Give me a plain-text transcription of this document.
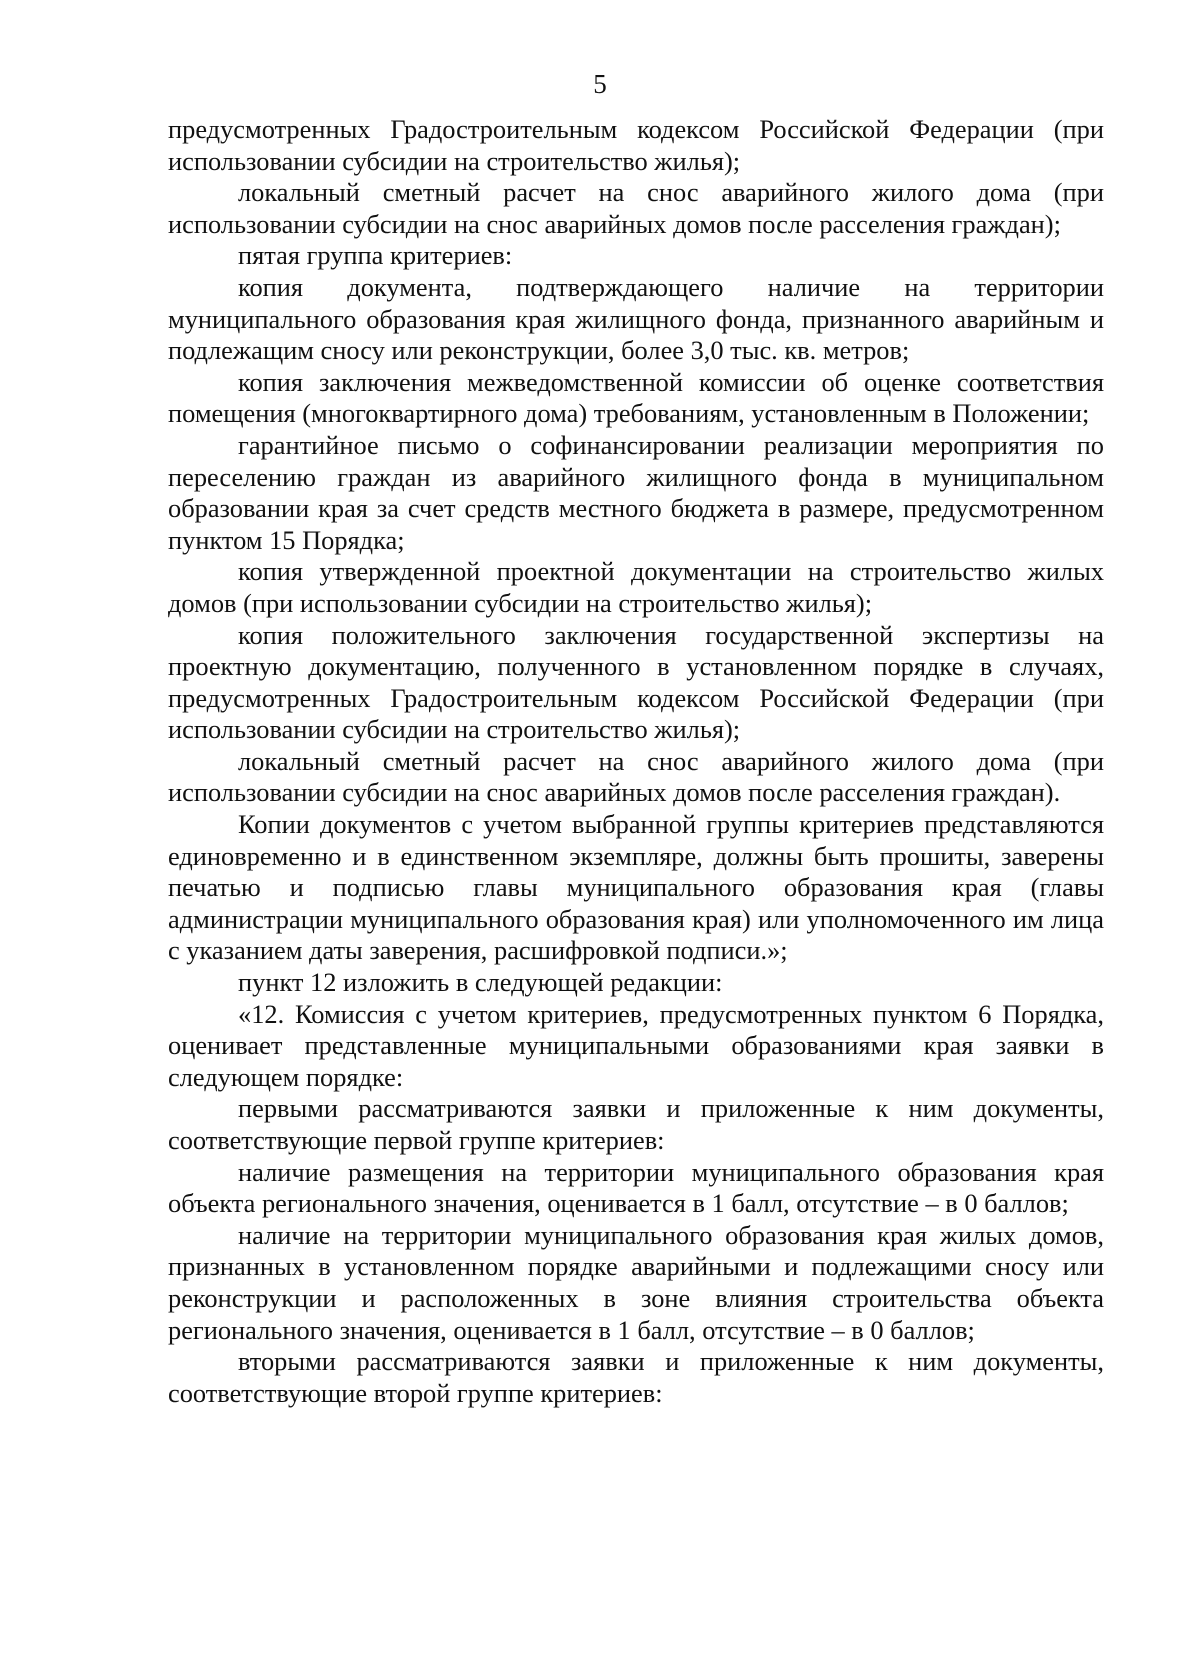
5

предусмотренных Градостроительным кодексом Российской Федерации (при использовании субсидии на строительство жилья);

локальный сметный расчет на снос аварийного жилого дома (при использовании субсидии на снос аварийных домов после расселения граждан);

пятая группа критериев:

копия документа, подтверждающего наличие на территории муниципального образования края жилищного фонда, признанного аварийным и подлежащим сносу или реконструкции, более 3,0 тыс. кв. метров;

копия заключения межведомственной комиссии об оценке соответствия помещения (многоквартирного дома) требованиям, установленным в Положении;

гарантийное письмо о софинансировании реализации мероприятия по переселению граждан из аварийного жилищного фонда в муниципальном образовании края за счет средств местного бюджета в размере, предусмотренном пунктом 15 Порядка;

копия утвержденной проектной документации на строительство жилых домов (при использовании субсидии на строительство жилья);

копия положительного заключения государственной экспертизы на проектную документацию, полученного в установленном порядке в случаях, предусмотренных Градостроительным кодексом Российской Федерации (при использовании субсидии на строительство жилья);

локальный сметный расчет на снос аварийного жилого дома (при использовании субсидии на снос аварийных домов после расселения граждан).

Копии документов с учетом выбранной группы критериев представляются единовременно и в единственном экземпляре, должны быть прошиты, заверены печатью и подписью главы муниципального образования края (главы администрации муниципального образования края) или уполномоченного им лица с указанием даты заверения, расшифровкой подписи.»;

пункт 12 изложить в следующей редакции:

«12. Комиссия с учетом критериев, предусмотренных пунктом 6 Порядка, оценивает представленные муниципальными образованиями края заявки в следующем порядке:

первыми рассматриваются заявки и приложенные к ним документы, соответствующие первой группе критериев:

наличие размещения на территории муниципального образования края объекта регионального значения, оценивается в 1 балл, отсутствие – в 0 баллов;

наличие на территории муниципального образования края жилых домов, признанных в установленном порядке аварийными и подлежащими сносу или реконструкции и расположенных в зоне влияния строительства объекта регионального значения, оценивается в 1 балл, отсутствие – в 0 баллов;

вторыми рассматриваются заявки и приложенные к ним документы, соответствующие второй группе критериев:
